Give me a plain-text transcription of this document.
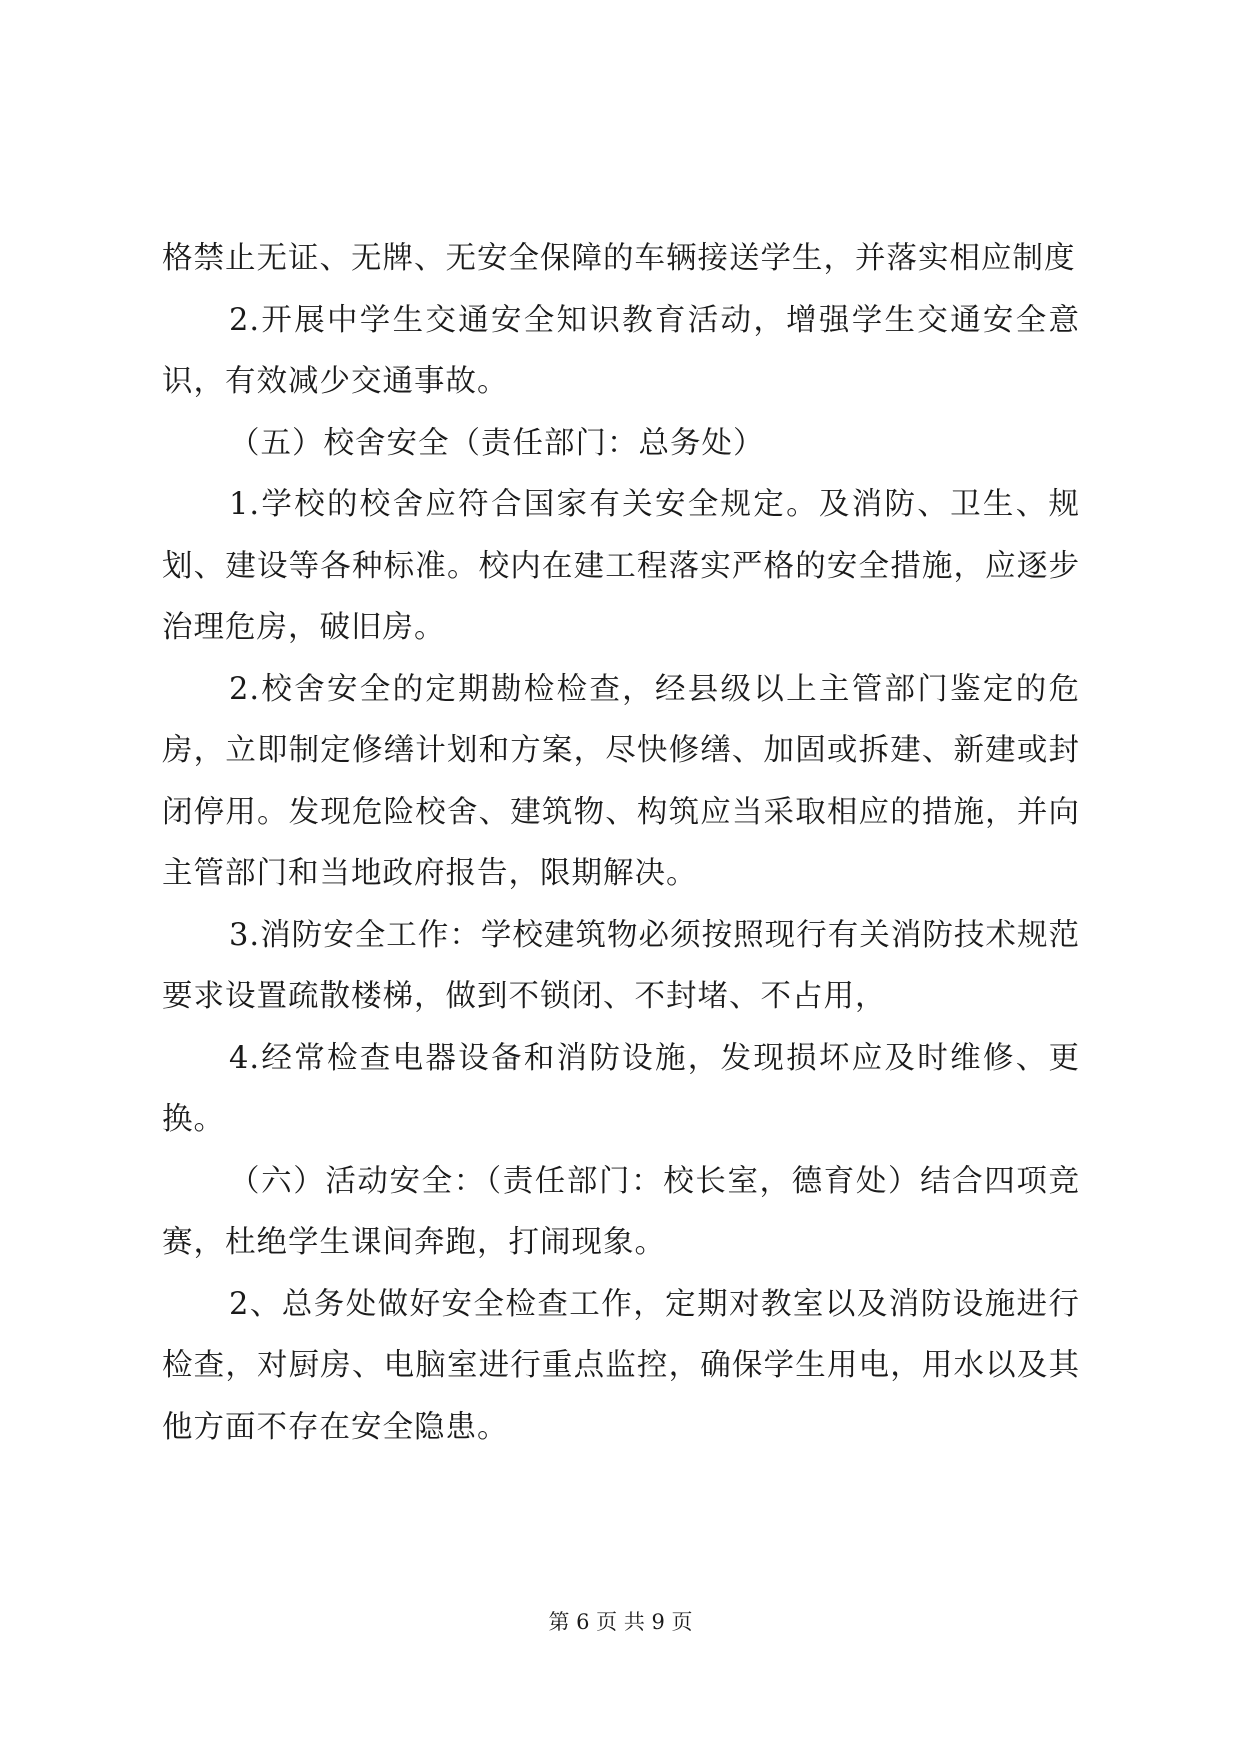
格禁止无证、无牌、无安全保障的车辆接送学生，并落实相应制度

2.开展中学生交通安全知识教育活动，增强学生交通安全意识，有效减少交通事故。

（五）校舍安全（责任部门：总务处）

1.学校的校舍应符合国家有关安全规定。及消防、卫生、规划、建设等各种标准。校内在建工程落实严格的安全措施，应逐步治理危房，破旧房。

2.校舍安全的定期勘检检查，经县级以上主管部门鉴定的危房，立即制定修缮计划和方案，尽快修缮、加固或拆建、新建或封闭停用。发现危险校舍、建筑物、构筑应当采取相应的措施，并向主管部门和当地政府报告，限期解决。

3.消防安全工作：学校建筑物必须按照现行有关消防技术规范要求设置疏散楼梯，做到不锁闭、不封堵、不占用，

4.经常检查电器设备和消防设施，发现损坏应及时维修、更换。

（六）活动安全：（责任部门：校长室，德育处）结合四项竞赛，杜绝学生课间奔跑，打闹现象。

2、总务处做好安全检查工作，定期对教室以及消防设施进行检查，对厨房、电脑室进行重点监控，确保学生用电，用水以及其他方面不存在安全隐患。

第 6 页 共 9 页
